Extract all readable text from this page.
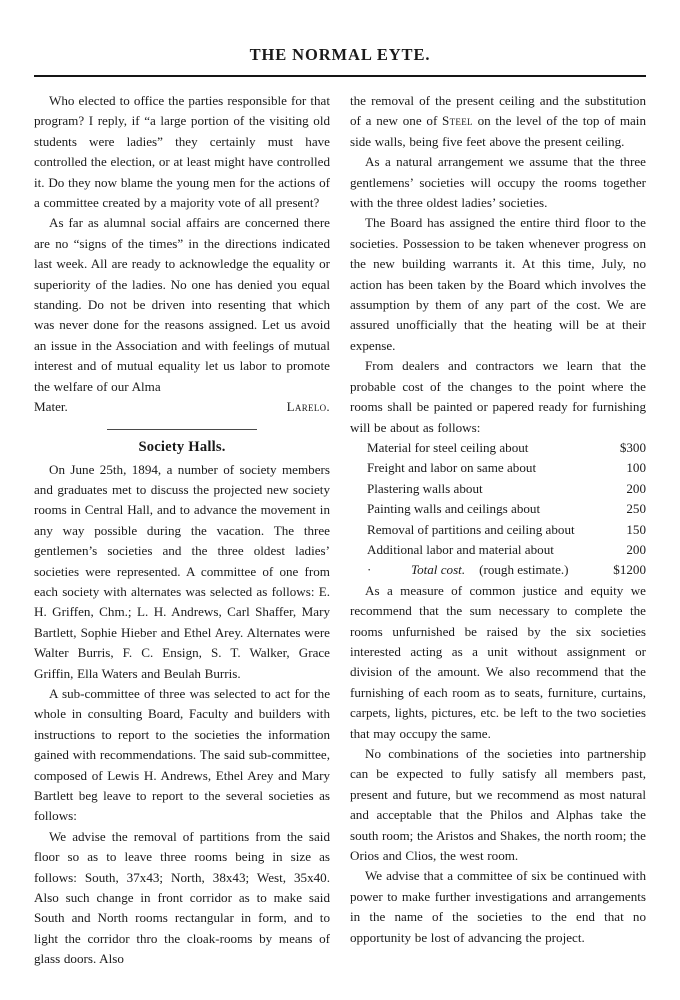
THE NORMAL EYTE.

Who elected to office the parties responsible for that program? I reply, if “a large portion of the visiting old students were ladies” they certainly must have controlled the election, or at least might have controlled it. Do they now blame the young men for the actions of a committee created by a majority vote of all present?

As far as alumnal social affairs are concerned there are no “signs of the times” in the directions indicated last week. All are ready to acknowledge the equality or superiority of the ladies. No one has denied you equal standing. Do not be driven into resenting that which was never done for the reasons assigned. Let us avoid an issue in the Association and with feelings of mutual interest and of mutual equality let us labor to promote the welfare of our Alma

Mater.	Larelo.
Society Halls.

On June 25th, 1894, a number of society members and graduates met to discuss the projected new society rooms in Central Hall, and to advance the movement in any way possible during the vacation. The three gentlemen’s societies and the three oldest ladies’ societies were represented. A committee of one from each society with alternates was selected as follows: E. H. Griffen, Chm.; L. H. Andrews, Carl Shaffer, Mary Bartlett, Sophie Hieber and Ethel Arey. Alternates were Walter Burris, F. C. Ensign, S. T. Walker, Grace Griffin, Ella Waters and Beulah Burris.

A sub-committee of three was selected to act for the whole in consulting Board, Faculty and builders with instructions to report to the societies the information gained with recommendations. The said sub-committee, composed of Lewis H. Andrews, Ethel Arey and Mary Bartlett beg leave to report to the several societies as follows:

We advise the removal of partitions from the said floor so as to leave three rooms being in size as follows: South, 37x43; North, 38x43; West, 35x40. Also such change in front corridor as to make said South and North rooms rectangular in form, and to light the corridor thro the cloak-rooms by means of glass doors. Also

the removal of the present ceiling and the substitution of a new one of Steel on the level of the top of main side walls, being five feet above the present ceiling.

As a natural arrangement we assume that the three gentlemens’ societies will occupy the rooms together with the three oldest ladies’ societies.

The Board has assigned the entire third floor to the societies. Possession to be taken whenever progress on the new building warrants it. At this time, July, no action has been taken by the Board which involves the assumption by them of any part of the cost. We are assured unofficially that the heating will be at their expense.

From dealers and contractors we learn that the probable cost of the changes to the point where the rooms shall be painted or papered ready for furnishing will be about as follows:

Material for steel ceiling about	$300
Freight and labor on same about	100
Plastering walls about	200
Painting walls and ceilings about	250
Removal of partitions and ceiling about	150
Additional labor and material about	200
· Total cost. (rough estimate.)	$1200

As a measure of common justice and equity we recommend that the sum necessary to complete the rooms unfurnished be raised by the six societies interested acting as a unit without assignment or division of the amount. We also recommend that the furnishing of each room as to seats, furniture, curtains, carpets, lights, pictures, etc. be left to the two societies that may occupy the same.

No combinations of the societies into partnership can be expected to fully satisfy all members past, present and future, but we recommend as most natural and acceptable that the Philos and Alphas take the south room; the Aristos and Shakes, the north room; the Orios and Clios, the west room.

We advise that a committee of six be continued with power to make further investigations and arrangements in the name of the societies to the end that no opportunity be lost of advancing the project.
